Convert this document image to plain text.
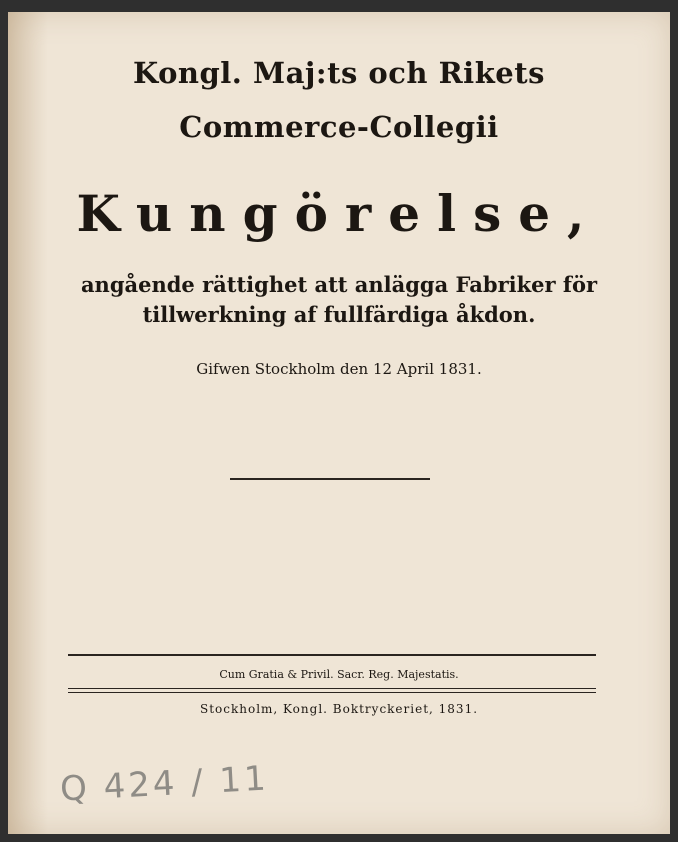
Kongl. Maj:ts och Rikets

Commerce-Collegii

Kungörelse,

angående rättighet att anlägga Fabriker för

tillwerkning af fullfärdiga åkdon.

Gifwen Stockholm den 12 April 1831.

Cum Gratia & Privil. Sacr. Reg. Majestatis.

Stockholm, Kongl. Boktryckeriet, 1831.

Q 424 / 11
